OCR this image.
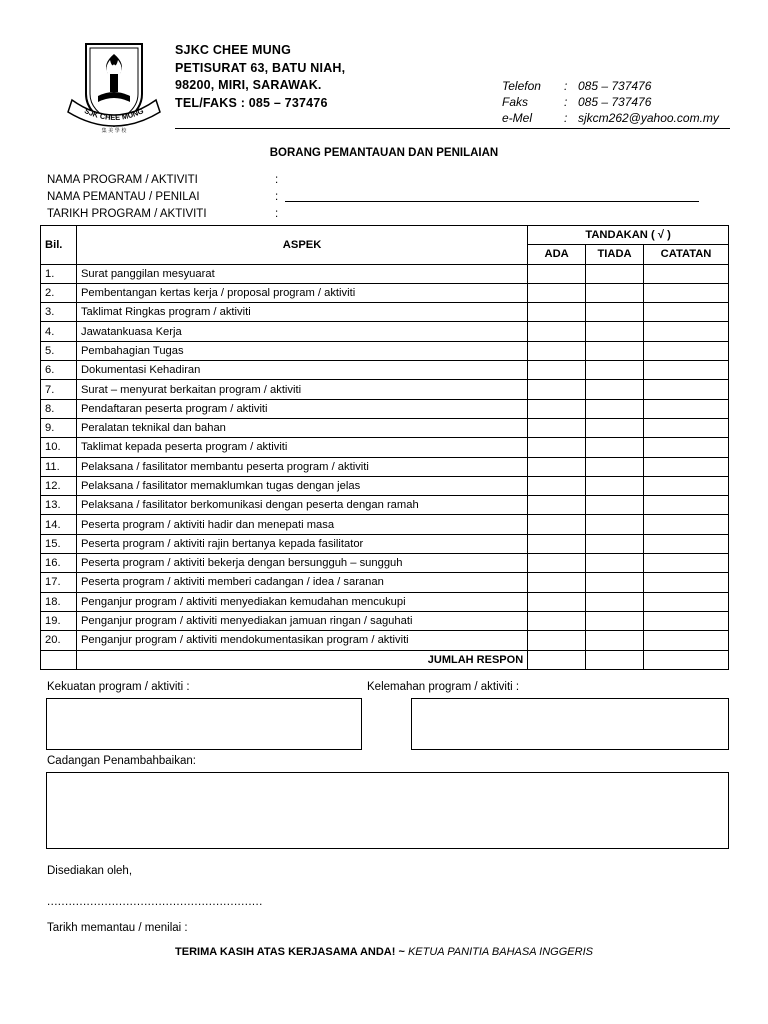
SJK CHEE MUNG
集 美 學 校
SJKC CHEE MUNG
PETISURAT 63, BATU NIAH,
98200, MIRI, SARAWAK.
TEL/FAKS : 085 – 737476
Telefon	: 085 – 737476
Faks	: 085 – 737476
e-Mel	: sjkcm262@yahoo.com.my
BORANG PEMANTAUAN DAN PENILAIAN
NAMA PROGRAM / AKTIVITI	:
NAMA PEMANTAU / PENILAI	:
TARIKH PROGRAM / AKTIVITI	:
Bil.	ASPEK	TANDAKAN ( √ )		
		ADA	TIADA	CATATAN
1.	Surat panggilan mesyuarat			
2.	Pembentangan kertas kerja / proposal program / aktiviti			
3.	Taklimat Ringkas program / aktiviti			
4.	Jawatankuasa Kerja			
5.	Pembahagian Tugas			
6.	Dokumentasi Kehadiran			
7.	Surat – menyurat berkaitan program / aktiviti			
8.	Pendaftaran peserta program / aktiviti			
9.	Peralatan teknikal dan bahan			
10.	Taklimat kepada peserta program / aktiviti			
11.	Pelaksana / fasilitator membantu peserta program / aktiviti			
12.	Pelaksana / fasilitator memaklumkan tugas dengan jelas			
13.	Pelaksana / fasilitator berkomunikasi dengan peserta dengan ramah			
14.	Peserta program / aktiviti hadir dan menepati masa			
15.	Peserta program / aktiviti rajin bertanya kepada fasilitator			
16.	Peserta program / aktiviti bekerja dengan bersungguh – sungguh			
17.	Peserta program / aktiviti memberi cadangan / idea / saranan			
18.	Penganjur program / aktiviti menyediakan kemudahan mencukupi			
19.	Penganjur program / aktiviti menyediakan jamuan ringan / saguhati			
20.	Penganjur program / aktiviti mendokumentasikan program / aktiviti			
	JUMLAH RESPON			
Kekuatan program / aktiviti :	Kelemahan program / aktiviti :
Cadangan Penambahbaikan:
Disediakan oleh,
............................................................
Tarikh memantau / menilai :
TERIMA KASIH ATAS KERJASAMA ANDA! ~ KETUA PANITIA BAHASA INGGERIS
